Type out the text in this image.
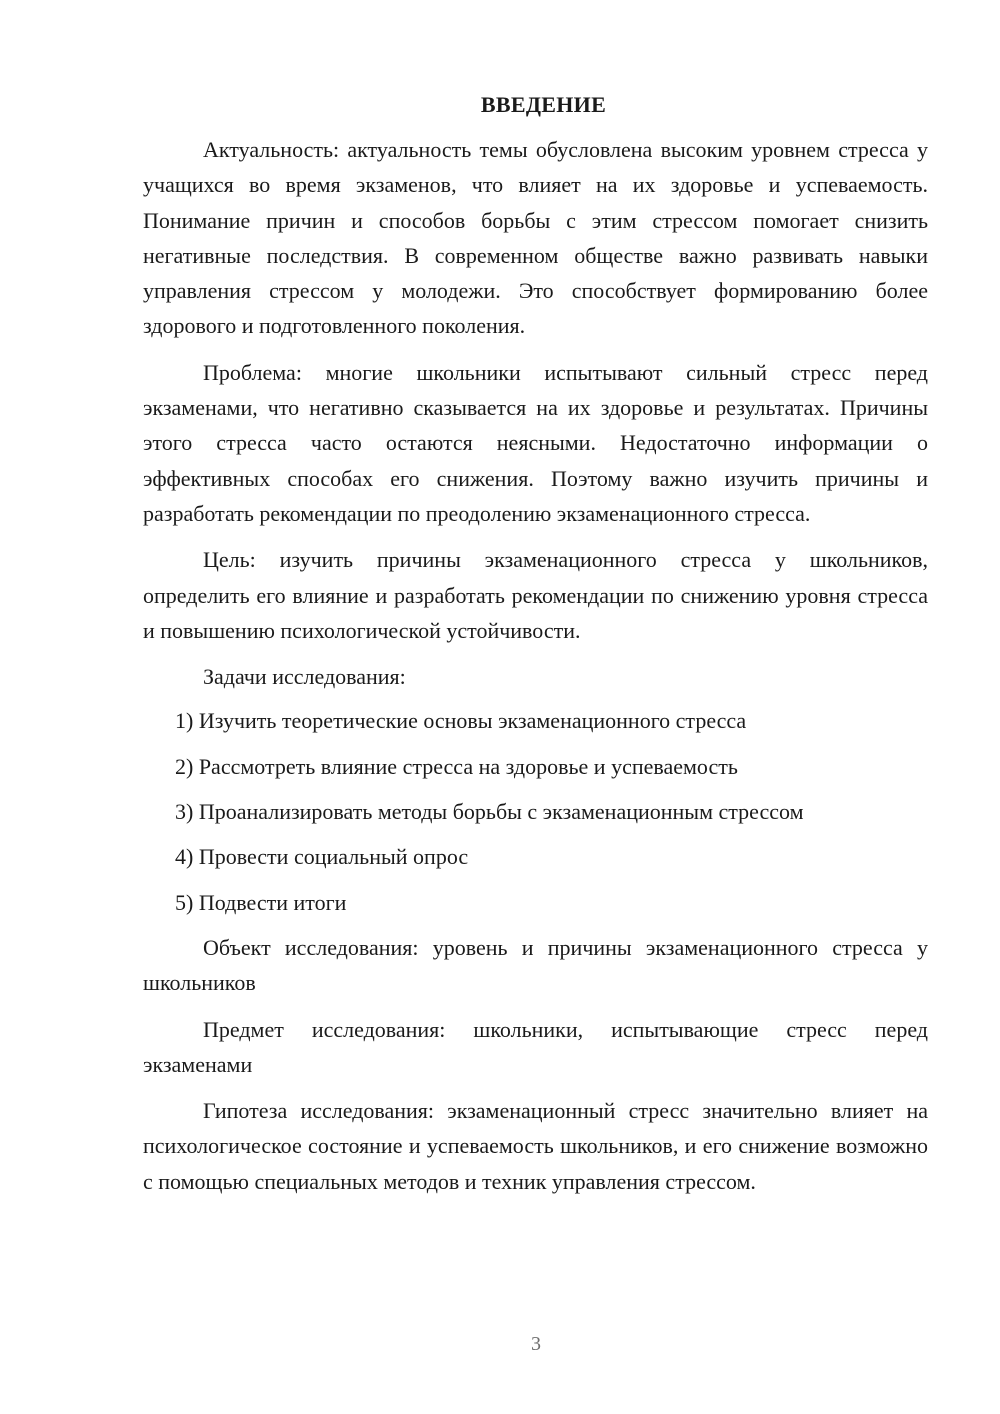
ВВЕДЕНИЕ

Актуальность: актуальность темы обусловлена высоким уровнем стресса у учащихся во время экзаменов, что влияет на их здоровье и успеваемость. Понимание причин и способов борьбы с этим стрессом помогает снизить негативные последствия. В современном обществе важно развивать навыки управления стрессом у молодежи. Это способствует формированию более здорового и подготовленного поколения.

Проблема: многие школьники испытывают сильный стресс перед экзаменами, что негативно сказывается на их здоровье и результатах. Причины этого стресса часто остаются неясными. Недостаточно информации о эффективных способах его снижения. Поэтому важно изучить причины и разработать рекомендации по преодолению экзаменационного стресса.

Цель: изучить причины экзаменационного стресса у школьников, определить его влияние и разработать рекомендации по снижению уровня стресса и повышению психологической устойчивости.

Задачи исследования:

1) Изучить теоретические основы экзаменационного стресса
2) Рассмотреть влияние стресса на здоровье и успеваемость
3) Проанализировать методы борьбы с экзаменационным стрессом
4) Провести социальный опрос
5) Подвести итоги

Объект исследования: уровень и причины экзаменационного стресса у школьников

Предмет исследования: школьники, испытывающие стресс перед экзаменами

Гипотеза исследования: экзаменационный стресс значительно влияет на психологическое состояние и успеваемость школьников, и его снижение возможно с помощью специальных методов и техник управления стрессом.

3
